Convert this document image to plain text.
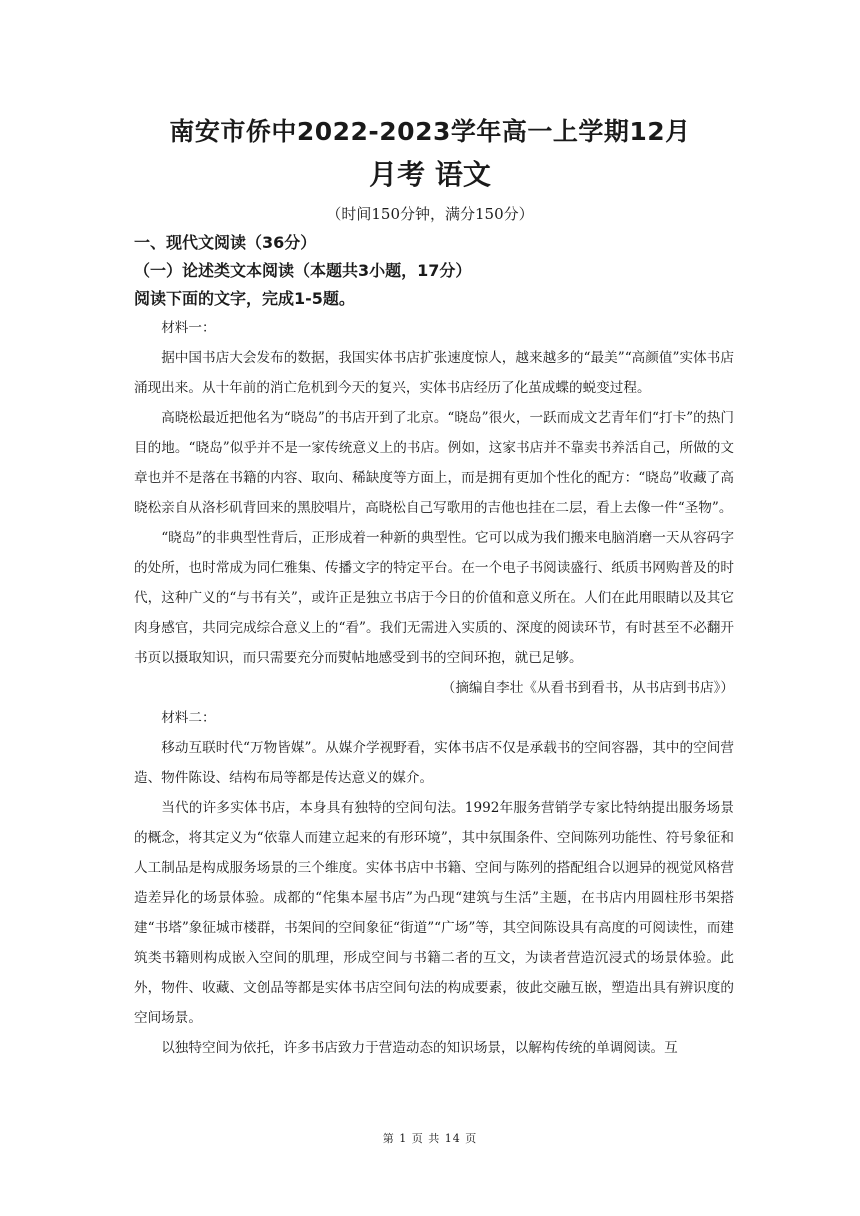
南安市侨中2022-2023学年高一上学期12月
月考 语文
（时间150分钟，满分150分）
一、现代文阅读（36分）
（一）论述类文本阅读（本题共3小题，17分）
阅读下面的文字，完成1-5题。

材料一：

据中国书店大会发布的数据，我国实体书店扩张速度惊人，越来越多的“最美”“高颜值”实体书店涌现出来。从十年前的消亡危机到今天的复兴，实体书店经历了化茧成蝶的蜕变过程。

高晓松最近把他名为“晓岛”的书店开到了北京。“晓岛”很火，一跃而成文艺青年们“打卡”的热门目的地。“晓岛”似乎并不是一家传统意义上的书店。例如，这家书店并不靠卖书养活自己，所做的文章也并不是落在书籍的内容、取向、稀缺度等方面上，而是拥有更加个性化的配方：“晓岛”收藏了高晓松亲自从洛杉矶背回来的黑胶唱片，高晓松自己写歌用的吉他也挂在二层，看上去像一件“圣物”。

“晓岛”的非典型性背后，正形成着一种新的典型性。它可以成为我们搬来电脑消磨一天从容码字的处所，也时常成为同仁雅集、传播文字的特定平台。在一个电子书阅读盛行、纸质书网购普及的时代，这种广义的“与书有关”，或许正是独立书店于今日的价值和意义所在。人们在此用眼睛以及其它肉身感官，共同完成综合意义上的“看”。我们无需进入实质的、深度的阅读环节，有时甚至不必翻开书页以摄取知识，而只需要充分而熨帖地感受到书的空间环抱，就已足够。

（摘编自李壮《从看书到看书，从书店到书店》）

材料二：

移动互联时代“万物皆媒”。从媒介学视野看，实体书店不仅是承载书的空间容器，其中的空间营造、物件陈设、结构布局等都是传达意义的媒介。

当代的许多实体书店，本身具有独特的空间句法。1992年服务营销学专家比特纳提出服务场景的概念，将其定义为“依靠人而建立起来的有形环境”，其中氛围条件、空间陈列功能性、符号象征和人工制品是构成服务场景的三个维度。实体书店中书籍、空间与陈列的搭配组合以迥异的视觉风格营造差异化的场景体验。成都的“侘集本屋书店”为凸现“建筑与生活”主题，在书店内用圆柱形书架搭建“书塔”象征城市楼群，书架间的空间象征“街道”“广场”等，其空间陈设具有高度的可阅读性，而建筑类书籍则构成嵌入空间的肌理，形成空间与书籍二者的互文，为读者营造沉浸式的场景体验。此外，物件、收藏、文创品等都是实体书店空间句法的构成要素，彼此交融互嵌，塑造出具有辨识度的空间场景。

以独特空间为依托，许多书店致力于营造动态的知识场景，以解构传统的单调阅读。互

第 1 页 共 14 页
